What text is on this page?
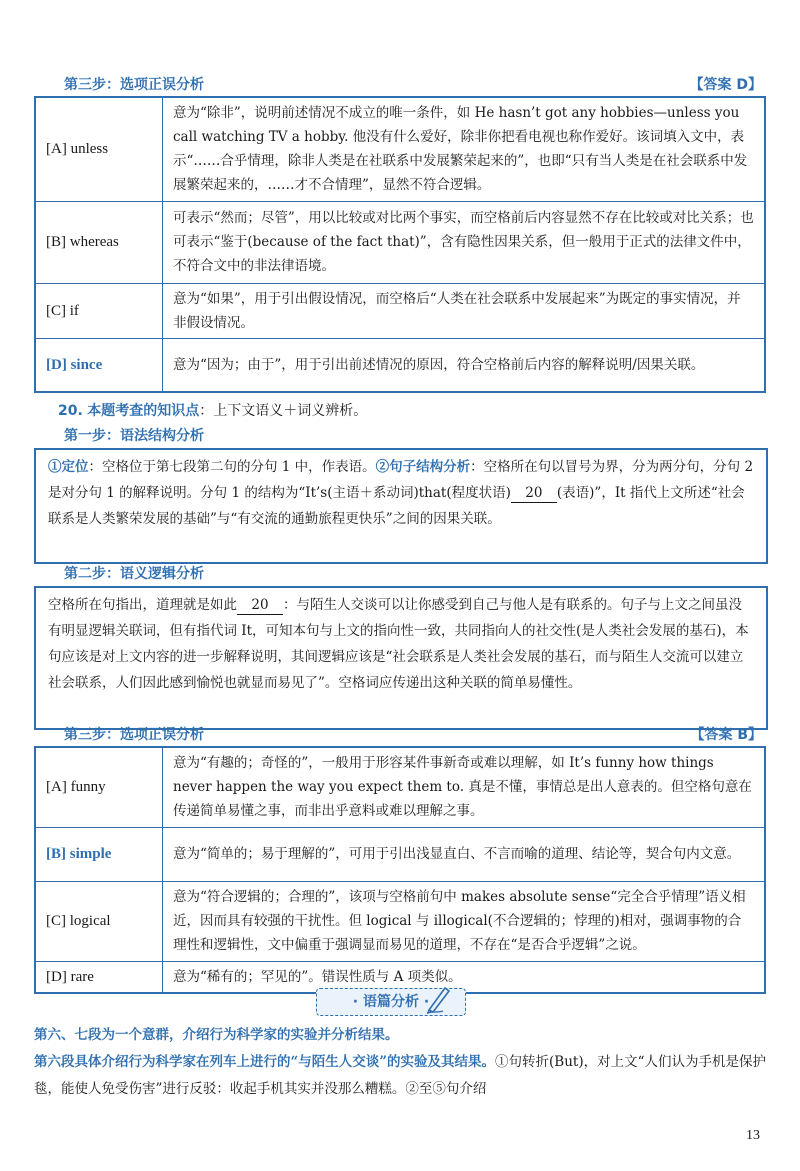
第三步：选项正误分析	【答案 D】
[A] unless	意为“除非”，说明前述情况不成立的唯一条件，如 He hasn’t got any hobbies—unless you call watching TV a hobby. 他没有什么爱好，除非你把看电视也称作爱好。该词填入文中，表示“……合乎情理，除非人类是在社联系中发展繁荣起来的”，也即“只有当人类是在社会联系中发展繁荣起来的，……才不合情理”，显然不符合逻辑。
[B] whereas	可表示“然而；尽管”，用以比较或对比两个事实，而空格前后内容显然不存在比较或对比关系；也可表示“鉴于(because of the fact that)”，含有隐性因果关系，但一般用于正式的法律文件中，不符合文中的非法律语境。
[C] if	意为“如果”，用于引出假设情况，而空格后“人类在社会联系中发展起来”为既定的事实情况，并非假设情况。
[D] since	意为“因为；由于”，用于引出前述情况的原因，符合空格前后内容的解释说明/因果关联。
20. 本题考查的知识点：上下文语义＋词义辨析。
第一步：语法结构分析
①定位：空格位于第七段第二句的分句 1 中，作表语。②句子结构分析：空格所在句以冒号为界，分为两分句，分句 2 是对分句 1 的解释说明。分句 1 的结构为“It’s(主语＋系动词)that(程度状语) 20 (表语)”，It 指代上文所述“社会联系是人类繁荣发展的基础”与“有交流的通勤旅程更快乐”之间的因果关联。
第二步：语义逻辑分析
空格所在句指出，道理就是如此 20 ：与陌生人交谈可以让你感受到自己与他人是有联系的。句子与上文之间虽没有明显逻辑关联词，但有指代词 It，可知本句与上文的指向性一致，共同指向人的社交性(是人类社会发展的基石)，本句应该是对上文内容的进一步解释说明，其间逻辑应该是“社会联系是人类社会发展的基石，而与陌生人交流可以建立社会联系，人们因此感到愉悦也就显而易见了”。空格词应传递出这种关联的简单易懂性。
第三步：选项正误分析	【答案 B】
[A] funny	意为“有趣的；奇怪的”，一般用于形容某件事新奇或难以理解，如 It’s funny how things never happen the way you expect them to. 真是不懂，事情总是出人意表的。但空格句意在传递简单易懂之事，而非出乎意料或难以理解之事。
[B] simple	意为“简单的；易于理解的”，可用于引出浅显直白、不言而喻的道理、结论等，契合句内文意。
[C] logical	意为“符合逻辑的；合理的”，该项与空格前句中 makes absolute sense“完全合乎情理”语义相近，因而具有较强的干扰性。但 logical 与 illogical(不合逻辑的；悖理的)相对，强调事物的合理性和逻辑性，文中偏重于强调显而易见的道理，不存在“是否合乎逻辑”之说。
[D] rare	意为“稀有的；罕见的”。错误性质与 A 项类似。
· 语篇分析 ·
第六、七段为一个意群，介绍行为科学家的实验并分析结果。
第六段具体介绍行为科学家在列车上进行的“与陌生人交谈”的实验及其结果。①句转折(But)，对上文“人们认为手机是保护毯，能使人免受伤害”进行反驳：收起手机其实并没那么糟糕。②至⑤句介绍
13
